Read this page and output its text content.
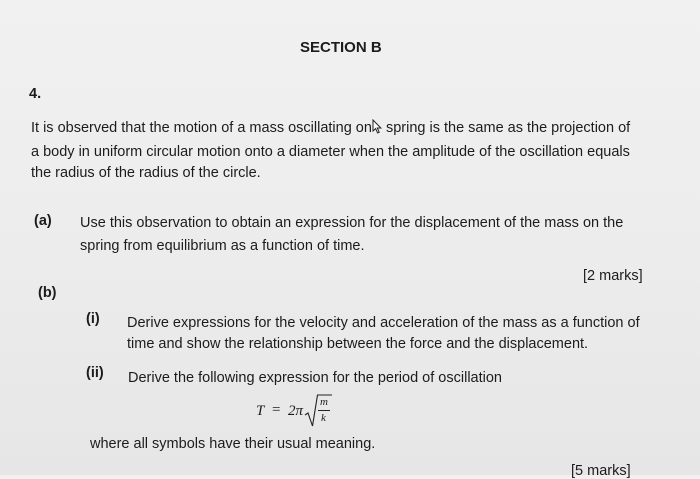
SECTION B
4.
It is observed that the motion of a mass oscillating on spring is the same as the projection of
a body in uniform circular motion onto a diameter when the amplitude of the oscillation equals
the radius of the radius of the circle.
(a) Use this observation to obtain an expression for the displacement of the mass on the
spring from equilibrium as a function of time.
[2 marks]
(b)
(i) Derive expressions for the velocity and acceleration of the mass as a function of
time and show the relationship between the force and the displacement.
(ii) Derive the following expression for the period of oscillation
T = 2π
m
k
where all symbols have their usual meaning.
[5 marks]
